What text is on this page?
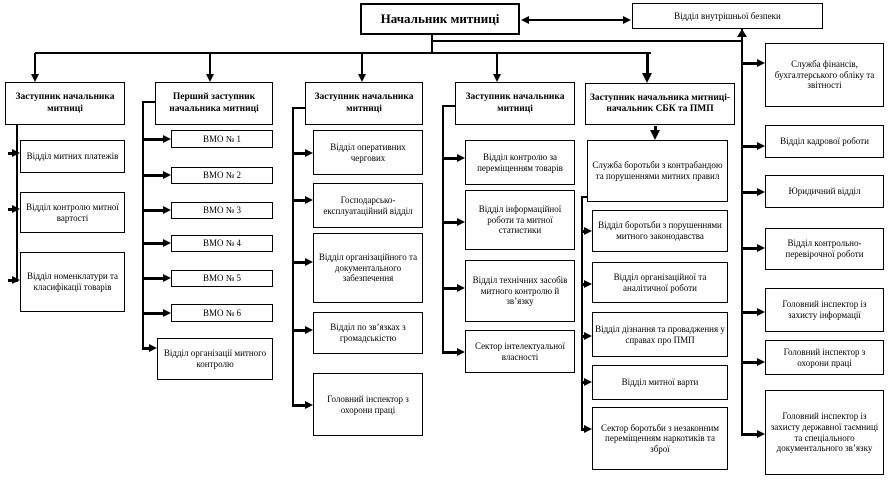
Начальник митниці	Відділ внутрішньої безпеки
Заступник начальника митниці
Відділ митних платежів
Відділ контролю митної вартості
Відділ номенклатури та класифікації товарів
Перший заступник начальника митниці
ВМО № 1
ВМО № 2
ВМО № 3
ВМО № 4
ВМО № 5
ВМО № 6
Відділ організації митного контролю
Заступник начальника митниці
Відділ оперативних чергових
Господарсько-експлуатаційний відділ
Відділ організаційного та документального забезпечення
Відділ по зв’язках з громадськістю
Головний інспектор з охорони праці
Заступник начальника митниці
Відділ контролю за переміщенням товарів
Відділ інформаційної роботи та митної статистики
Відділ технічних засобів митного контролю й зв’язку
Сектор інтелектуальної власності
Заступник начальника митниці-начальник СБК та ПМП
Служба боротьби з контрабандою та порушеннями митних правил
Відділ боротьби з порушеннями митного законодавства
Відділ організаційної та аналітичної роботи
Відділ дізнання та провадження у справах про ПМП
Відділ митної варти
Сектор боротьби з незаконним переміщенням наркотиків та зброї
Служба фінансів, бухгалтерського обліку та звітності
Відділ кадрової роботи
Юридичний відділ
Відділ контрольно-перевірочної роботи
Головний інспектор із захисту інформації
Головний інспектор з охорони праці
Головний інспектор із захисту державної таємниці та спеціального документального зв’язку
